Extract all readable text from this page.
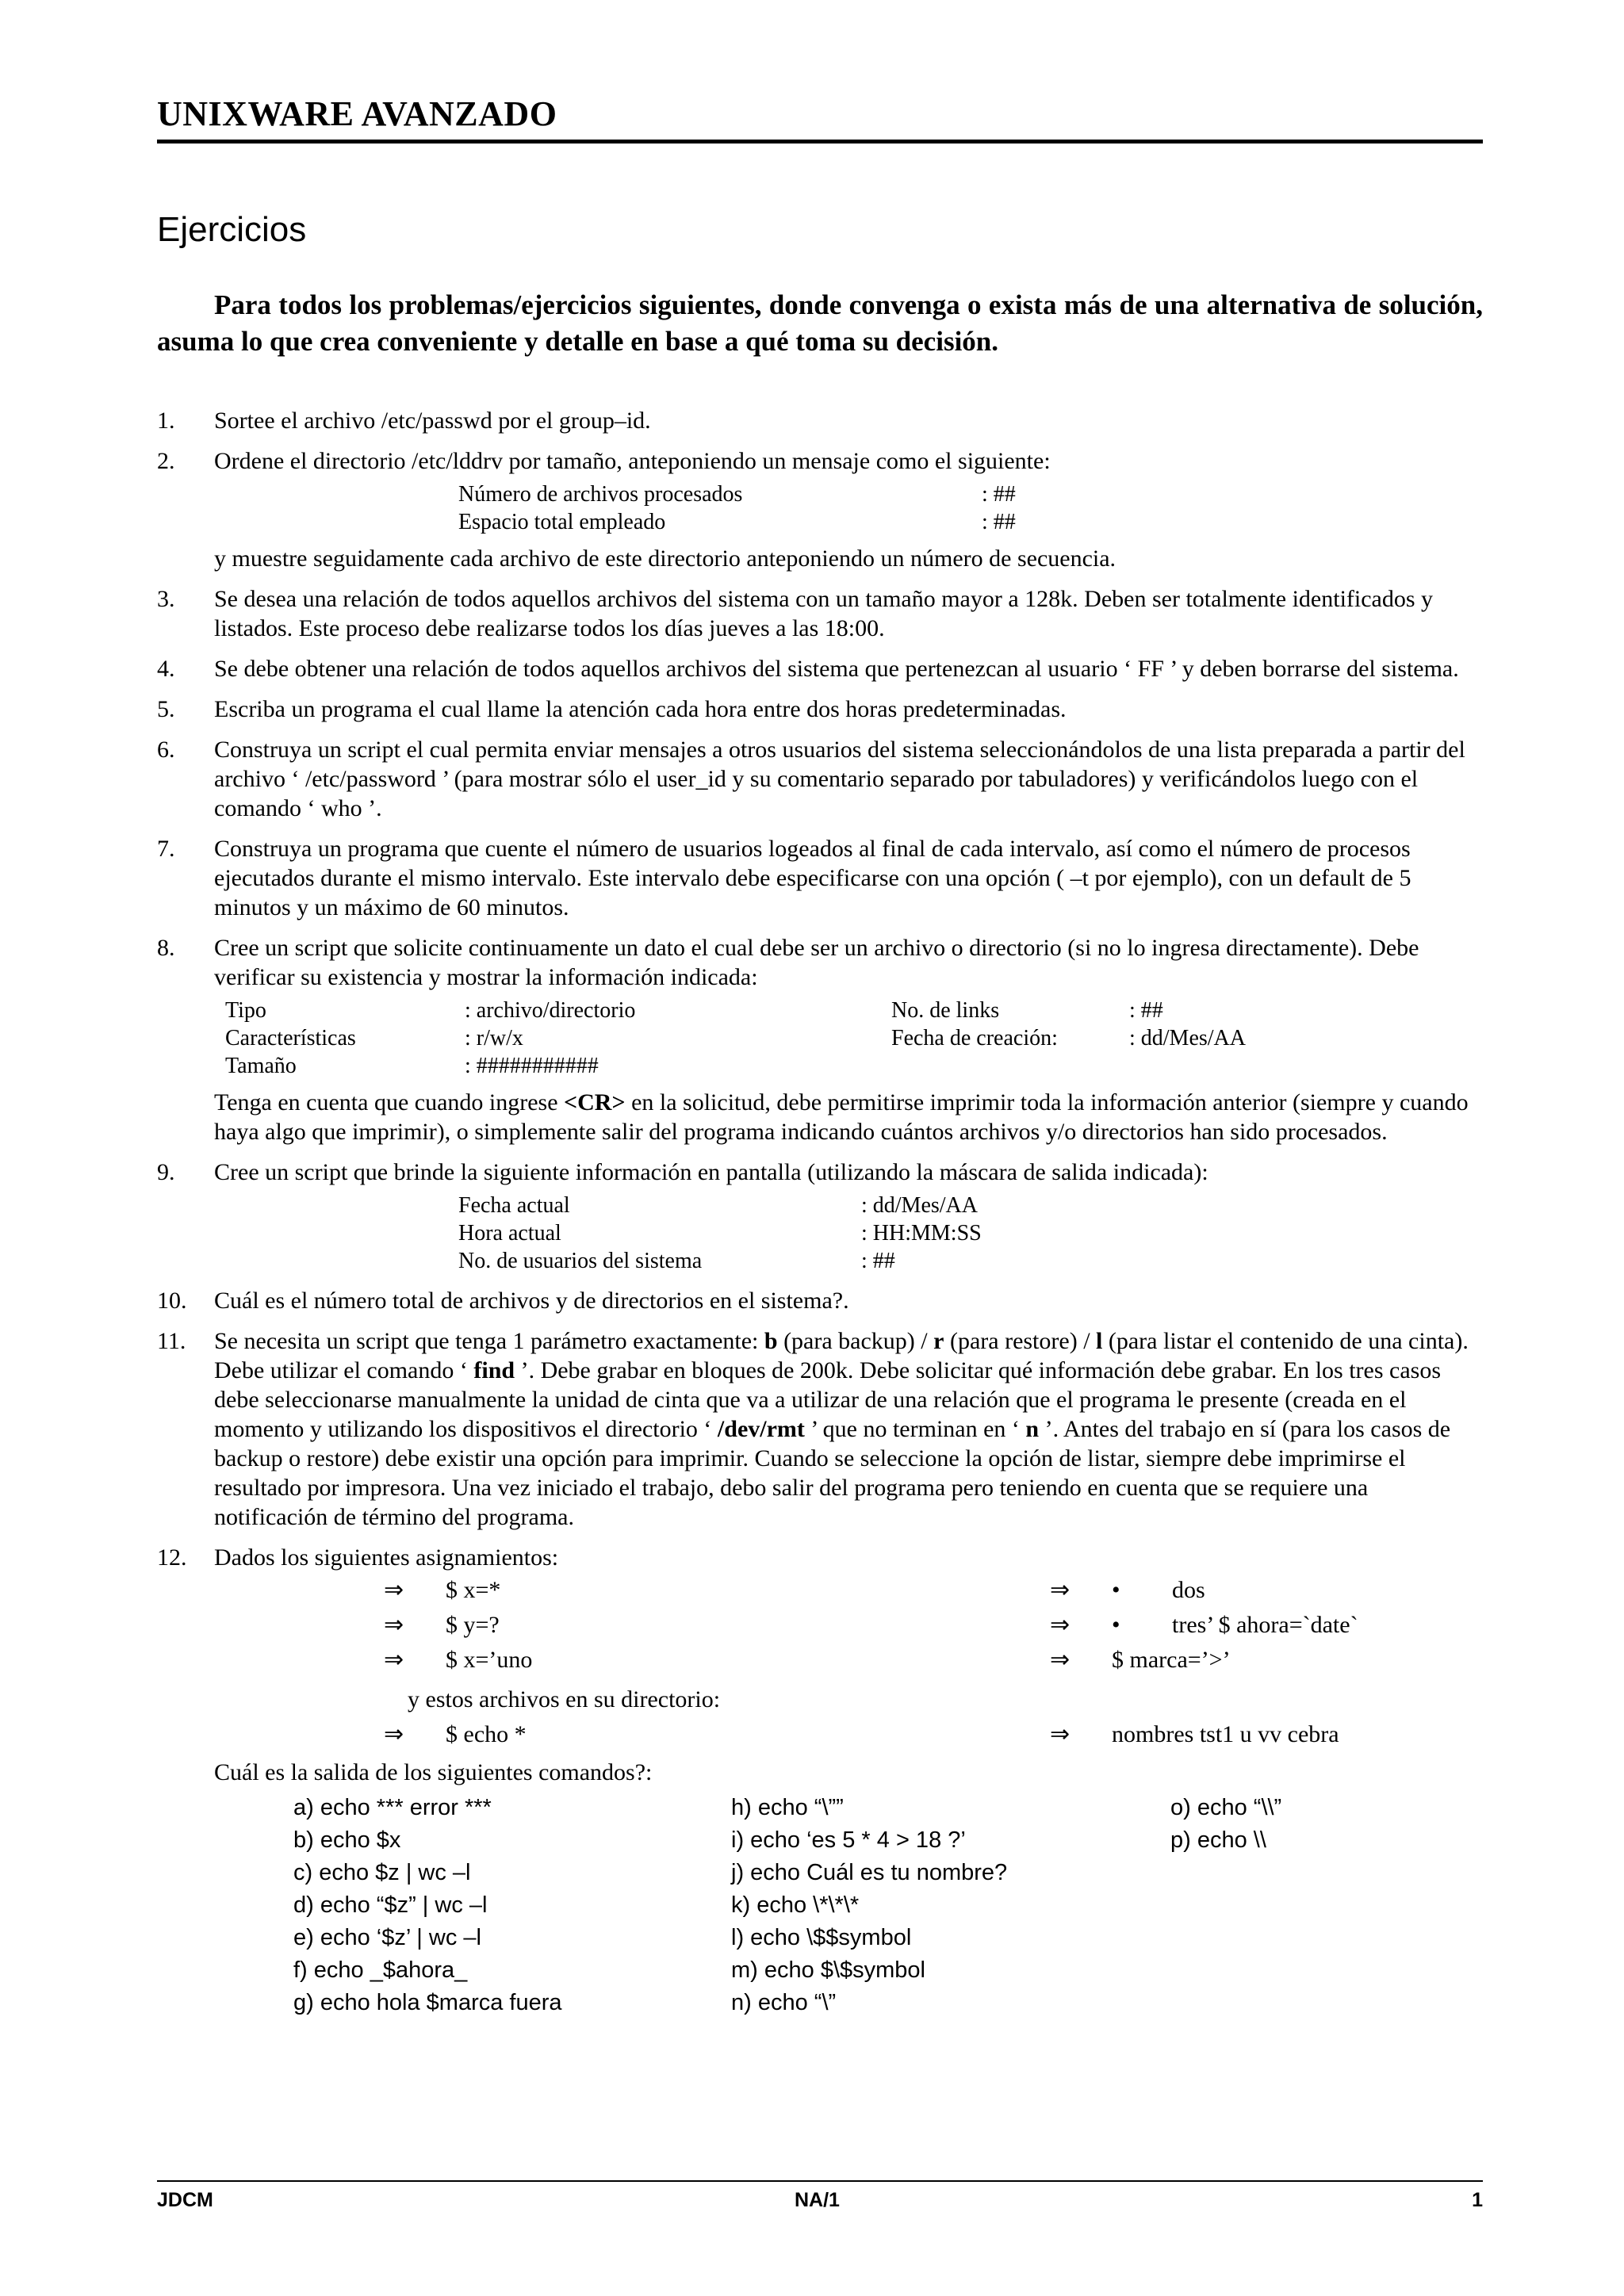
UNIXWARE AVANZADO
Ejercicios

Para todos los problemas/ejercicios siguientes, donde convenga o exista más de una alternativa de solución, asuma lo que crea conveniente y detalle en base a qué toma su decisión.

1. Sortee el archivo /etc/passwd por el group–id.

2. Ordene el directorio /etc/lddrv por tamaño, anteponiendo un mensaje como el siguiente:

Número de archivos procesados	: ##
Espacio total empleado	: ##

y muestre seguidamente cada archivo de este directorio anteponiendo un número de secuencia.

3. Se desea una relación de todos aquellos archivos del sistema con un tamaño mayor a 128k. Deben ser totalmente identificados y listados. Este proceso debe realizarse todos los días jueves a las 18:00.

4. Se debe obtener una relación de todos aquellos archivos del sistema que pertenezcan al usuario ‘ FF ’ y deben borrarse del sistema.

5. Escriba un programa el cual llame la atención cada hora entre dos horas predeterminadas.

6. Construya un script el cual permita enviar mensajes a otros usuarios del sistema seleccionándolos de una lista preparada a partir del archivo ‘ /etc/password ’ (para mostrar sólo el user_id y su comentario separado por tabuladores) y verificándolos luego con el comando ‘ who ’.

7. Construya un programa que cuente el número de usuarios logeados al final de cada intervalo, así como el número de procesos ejecutados durante el mismo intervalo. Este intervalo debe especificarse con una opción ( –t por ejemplo), con un default de 5 minutos y un máximo de 60 minutos.

8. Cree un script que solicite continuamente un dato el cual debe ser un archivo o directorio (si no lo ingresa directamente). Debe verificar su existencia y mostrar la información indicada:

Tipo	: archivo/directorio	No. de links	: ##
Características	: r/w/x	Fecha de creación:	: dd/Mes/AA
Tamaño	: ###########

Tenga en cuenta que cuando ingrese <CR> en la solicitud, debe permitirse imprimir toda la información anterior (siempre y cuando haya algo que imprimir), o simplemente salir del programa indicando cuántos archivos y/o directorios han sido procesados.

9. Cree un script que brinde la siguiente información en pantalla (utilizando la máscara de salida indicada):

Fecha actual	: dd/Mes/AA
Hora actual	: HH:MM:SS
No. de usuarios del sistema	: ##
10. Cuál es el número total de archivos y de directorios en el sistema?.

11. Se necesita un script que tenga 1 parámetro exactamente: b (para backup) / r (para restore) / l (para listar el contenido de una cinta). Debe utilizar el comando ‘ find ’. Debe grabar en bloques de 200k. Debe solicitar qué información debe grabar. En los tres casos debe seleccionarse manualmente la unidad de cinta que va a utilizar de una relación que el programa le presente (creada en el momento y utilizando los dispositivos el directorio ‘ /dev/rmt ’ que no terminan en ‘ n ’. Antes del trabajo en sí (para los casos de backup o restore) debe existir una opción para imprimir. Cuando se seleccione la opción de listar, siempre debe imprimirse el resultado por impresora. Una vez iniciado el trabajo, debo salir del programa pero teniendo en cuenta que se requiere una notificación de término del programa.

12. Dados los siguientes asignamientos:

⇒ $ x=*	⇒ • dos
⇒ $ y=?	⇒ • tres’ $ ahora=`date`
⇒ $ x=’uno	⇒ $ marca=’>’
y estos archivos en su directorio:
⇒ $ echo *	⇒ nombres tst1 u vv cebra

Cuál es la salida de los siguientes comandos?:

a) echo *** error ***
b) echo $x
c) echo $z | wc –l
d) echo “$z” | wc –l
e) echo ‘$z’ | wc –l
f) echo _$ahora_
g) echo hola $marca fuera
h) echo “\””
i) echo ‘es 5 * 4 > 18 ?’
j) echo Cuál es tu nombre?
k) echo \*\*\*
l) echo \$$symbol
m) echo $\$symbol
n) echo “\”
o) echo “\\”
p) echo \\
JDCM	NA/1	1
